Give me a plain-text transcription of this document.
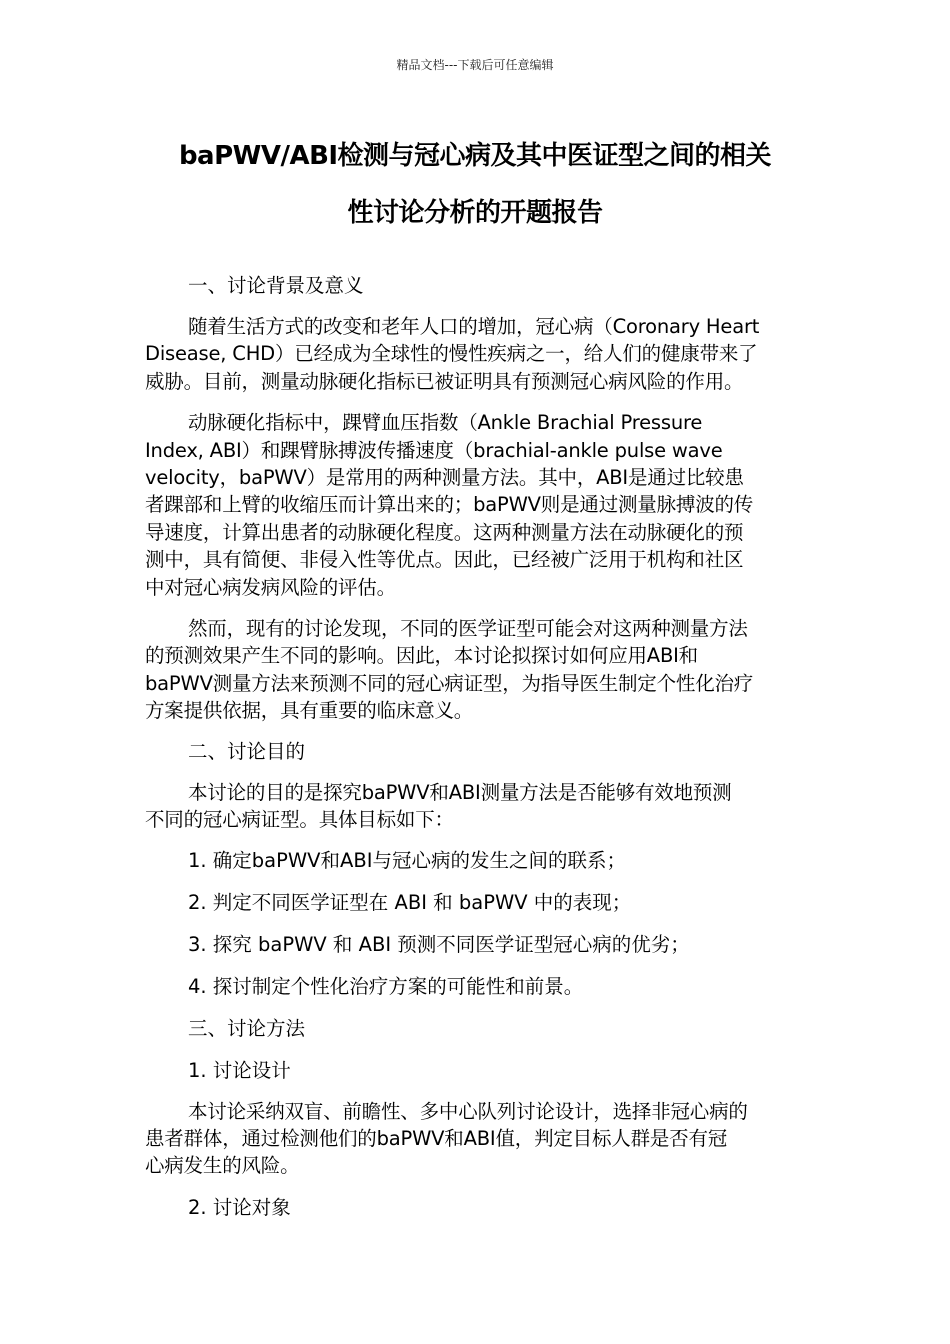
精品文档---下载后可任意编辑
baPWV/ABI检测与冠心病及其中医证型之间的相关
性讨论分析的开题报告

一、讨论背景及意义

随着生活方式的改变和老年人口的增加，冠心病（Coronary Heart
Disease, CHD）已经成为全球性的慢性疾病之一，给人们的健康带来了
威胁。目前，测量动脉硬化指标已被证明具有预测冠心病风险的作用。

动脉硬化指标中，踝臂血压指数（Ankle Brachial Pressure
Index, ABI）和踝臂脉搏波传播速度（brachial-ankle pulse wave
velocity，baPWV）是常用的两种测量方法。其中，ABI是通过比较患
者踝部和上臂的收缩压而计算出来的；baPWV则是通过测量脉搏波的传
导速度，计算出患者的动脉硬化程度。这两种测量方法在动脉硬化的预
测中，具有简便、非侵入性等优点。因此，已经被广泛用于机构和社区
中对冠心病发病风险的评估。

然而，现有的讨论发现，不同的医学证型可能会对这两种测量方法
的预测效果产生不同的影响。因此，本讨论拟探讨如何应用ABI和
baPWV测量方法来预测不同的冠心病证型，为指导医生制定个性化治疗
方案提供依据，具有重要的临床意义。

二、讨论目的

本讨论的目的是探究baPWV和ABI测量方法是否能够有效地预测
不同的冠心病证型。具体目标如下：

1. 确定baPWV和ABI与冠心病的发生之间的联系；

2. 判定不同医学证型在 ABI 和 baPWV 中的表现；

3. 探究 baPWV 和 ABI 预测不同医学证型冠心病的优劣；

4. 探讨制定个性化治疗方案的可能性和前景。

三、讨论方法

1. 讨论设计

本讨论采纳双盲、前瞻性、多中心队列讨论设计，选择非冠心病的
患者群体，通过检测他们的baPWV和ABI值，判定目标人群是否有冠
心病发生的风险。

2. 讨论对象
